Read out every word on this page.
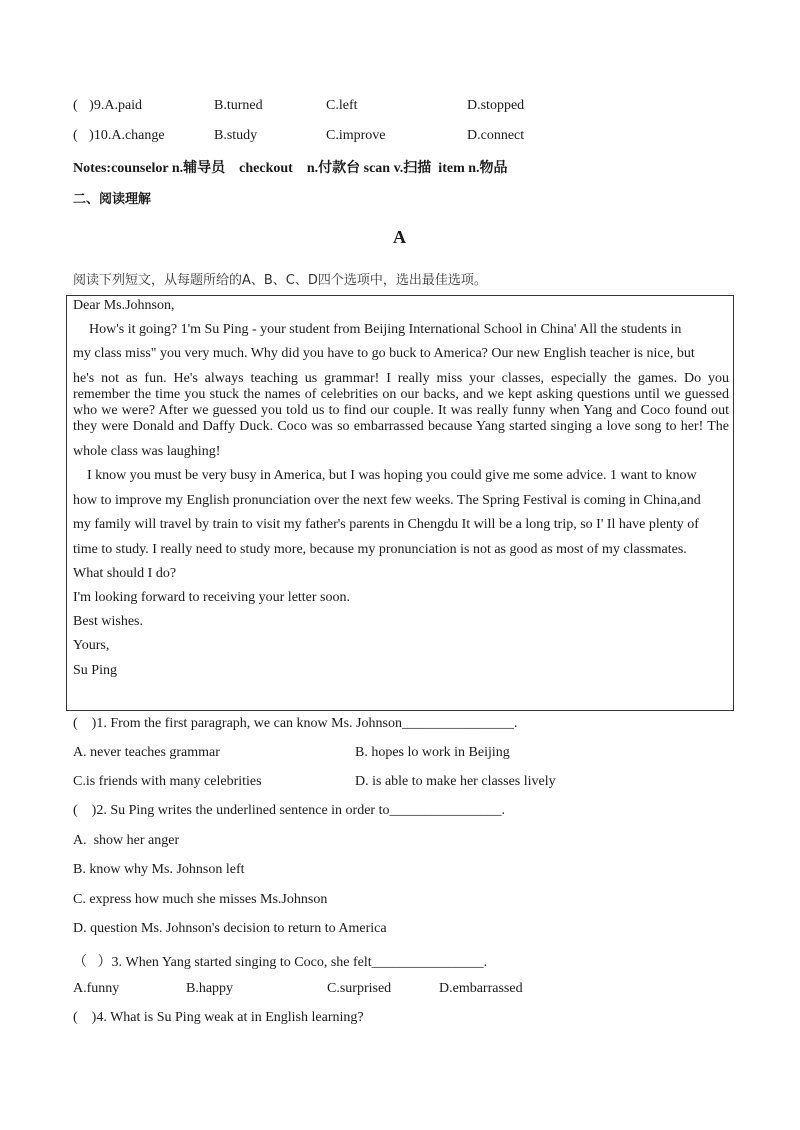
( )9.A.paid	B.turned	C.left	D.stopped
( )10.A.change	B.study	C.improve	D.connect
Notes:counselor n.辅导员    checkout    n.付款台 scan v.扫描  item n.物品
二、阅读理解
A
阅读下列短文，从每题所给的A、B、C、D四个选项中，选出最佳选项。
Dear Ms.Johnson,
How's it going? 1'm Su Ping - your student from Beijing International School in China' All the students in
my class miss" you very much. Why did you have to go buck to America? Our new English teacher is nice, but
he's not as fun. He's always teaching us grammar! I really miss your classes, especially the games. Do you
remember the time you stuck the names of celebrities on our backs, and we kept asking questions until we guessed
who we were? After we guessed you told us to find our couple. It was really funny when Yang and Coco found out
they were Donald and Daffy Duck. Coco was so embarrassed because Yang started singing a love song to her! The
whole class was laughing!
I know you must be very busy in America, but I was hoping you could give me some advice. 1 want to know
how to improve my English pronunciation over the next few weeks. The Spring Festival is coming in China,and
my family will travel by train to visit my father's parents in Chengdu It will be a long trip, so I' Il have plenty of
time to study. I really need to study more, because my pronunciation is not as good as most of my classmates.
What should I do?
I'm looking forward to receiving your letter soon.
Best wishes.
Yours,
Su Ping
(    )1. From the first paragraph, we can know Ms. Johnson________________.
A. never teaches grammar	B. hopes lo work in Beijing
C.is friends with many celebrities	D. is able to make her classes lively
(    )2. Su Ping writes the underlined sentence in order to________________.
A.  show her anger
B. know why Ms. Johnson left
C. express how much she misses Ms.Johnson
D. question Ms. Johnson's decision to return to America
（   ）3. When Yang started singing to Coco, she felt________________.
A.funny	B.happy	C.surprised	D.embarrassed
(    )4. What is Su Ping weak at in English learning?
